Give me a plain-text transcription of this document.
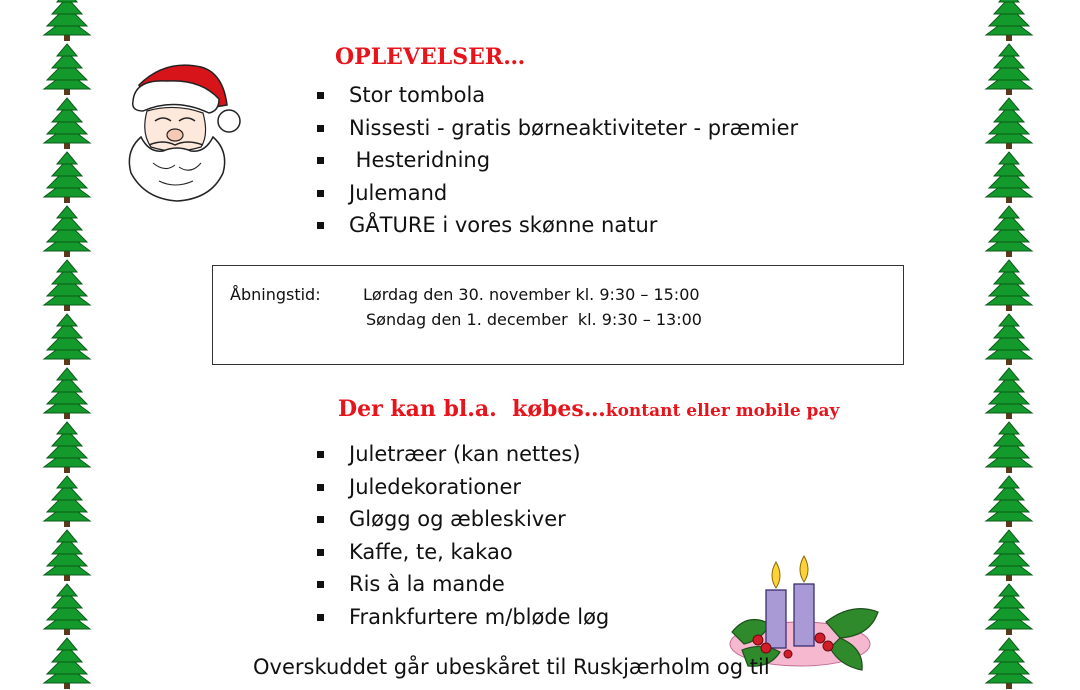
OPLEVELSER…
Stor tombola
Nissesti - gratis børneaktiviteter - præmier
Hesteridning
Julemand
GÅTURE i vores skønne natur
Åbningstid:	Lørdag den 30. november kl. 9:30 – 15:00
Søndag den 1. december  kl. 9:30 – 13:00
Der kan bl.a.  købes…kontant eller mobile pay
Juletræer (kan nettes)
Juledekorationer
Gløgg og æbleskiver
Kaffe, te, kakao
Ris à la mande
Frankfurtere m/bløde løg
Overskuddet går ubeskåret til Ruskjærholm og til
